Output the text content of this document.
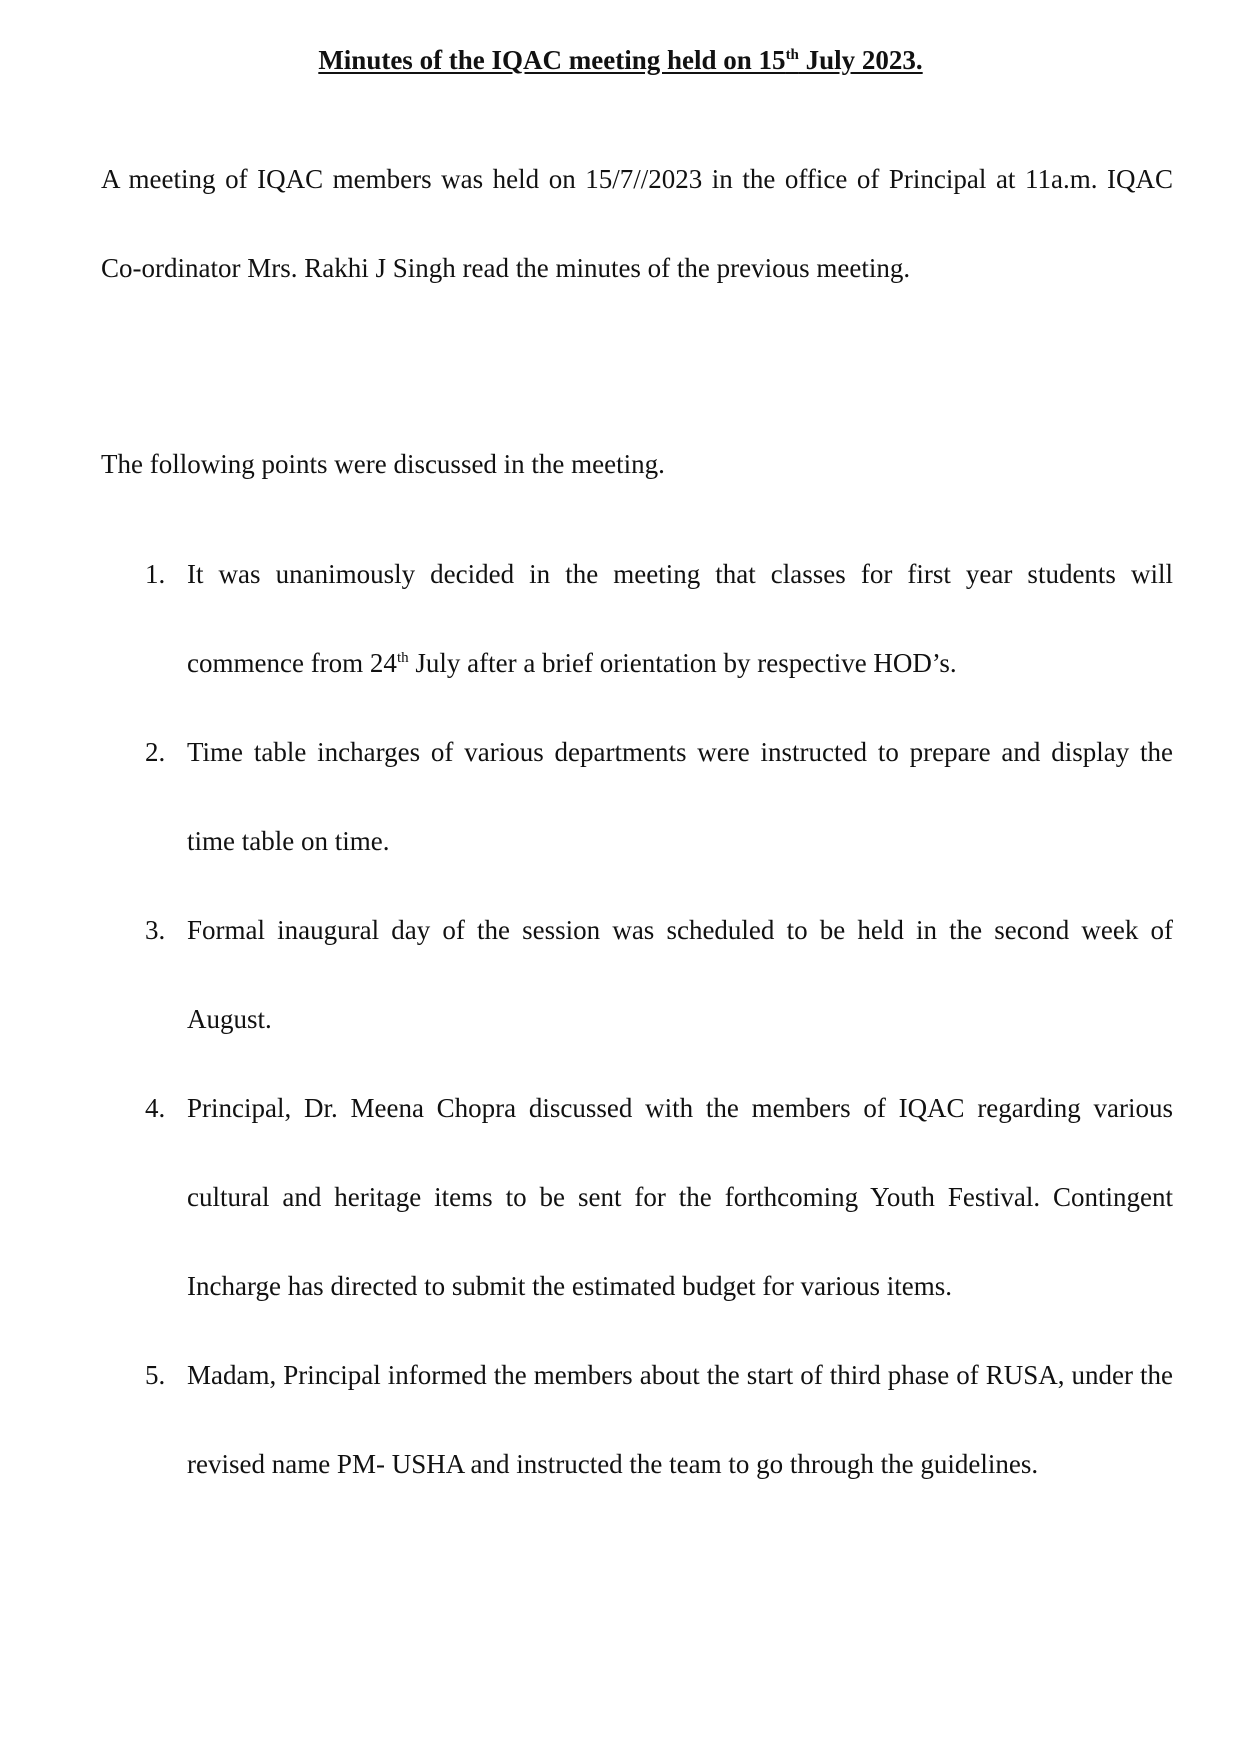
Minutes of the IQAC meeting held on 15th July 2023.

A meeting of IQAC members was held on 15/7//2023 in the office of Principal at 11a.m. IQAC Co-ordinator Mrs. Rakhi J Singh read the minutes of the previous meeting.

The following points were discussed in the meeting.

1. It was unanimously decided in the meeting that classes for first year students will commence from 24th July after a brief orientation by respective HOD’s.
2. Time table incharges of various departments were instructed to prepare and display the time table on time.
3. Formal inaugural day of the session was scheduled to be held in the second week of August.
4. Principal, Dr. Meena Chopra discussed with the members of IQAC regarding various cultural and heritage items to be sent for the forthcoming Youth Festival. Contingent Incharge has directed to submit the estimated budget for various items.
5. Madam, Principal informed the members about the start of third phase of RUSA, under the revised name PM- USHA and instructed the team to go through the guidelines.
